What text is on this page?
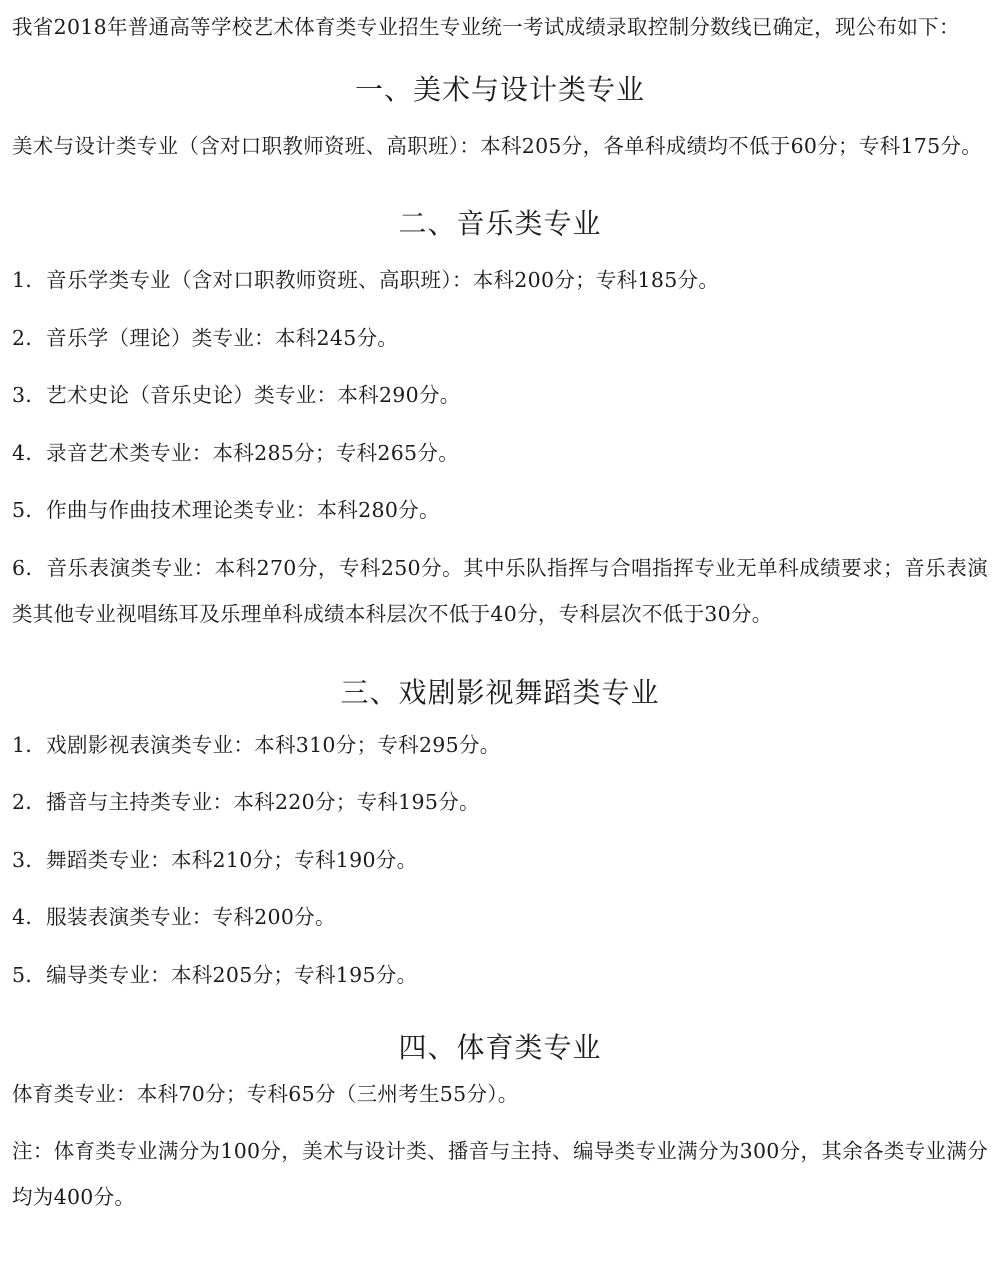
我省2018年普通高等学校艺术体育类专业招生专业统一考试成绩录取控制分数线已确定，现公布如下：

一、美术与设计类专业

美术与设计类专业（含对口职教师资班、高职班）：本科205分，各单科成绩均不低于60分；专科175分。

二、音乐类专业

1．音乐学类专业（含对口职教师资班、高职班）：本科200分；专科185分。

2．音乐学（理论）类专业：本科245分。

3．艺术史论（音乐史论）类专业：本科290分。

4．录音艺术类专业：本科285分；专科265分。

5．作曲与作曲技术理论类专业：本科280分。

6．音乐表演类专业：本科270分，专科250分。其中乐队指挥与合唱指挥专业无单科成绩要求；音乐表演类其他专业视唱练耳及乐理单科成绩本科层次不低于40分，专科层次不低于30分。

三、戏剧影视舞蹈类专业

1．戏剧影视表演类专业：本科310分；专科295分。

2．播音与主持类专业：本科220分；专科195分。

3．舞蹈类专业：本科210分；专科190分。

4．服装表演类专业：专科200分。

5．编导类专业：本科205分；专科195分。

四、体育类专业

体育类专业：本科70分；专科65分（三州考生55分）。

注：体育类专业满分为100分，美术与设计类、播音与主持、编导类专业满分为300分，其余各类专业满分均为400分。
